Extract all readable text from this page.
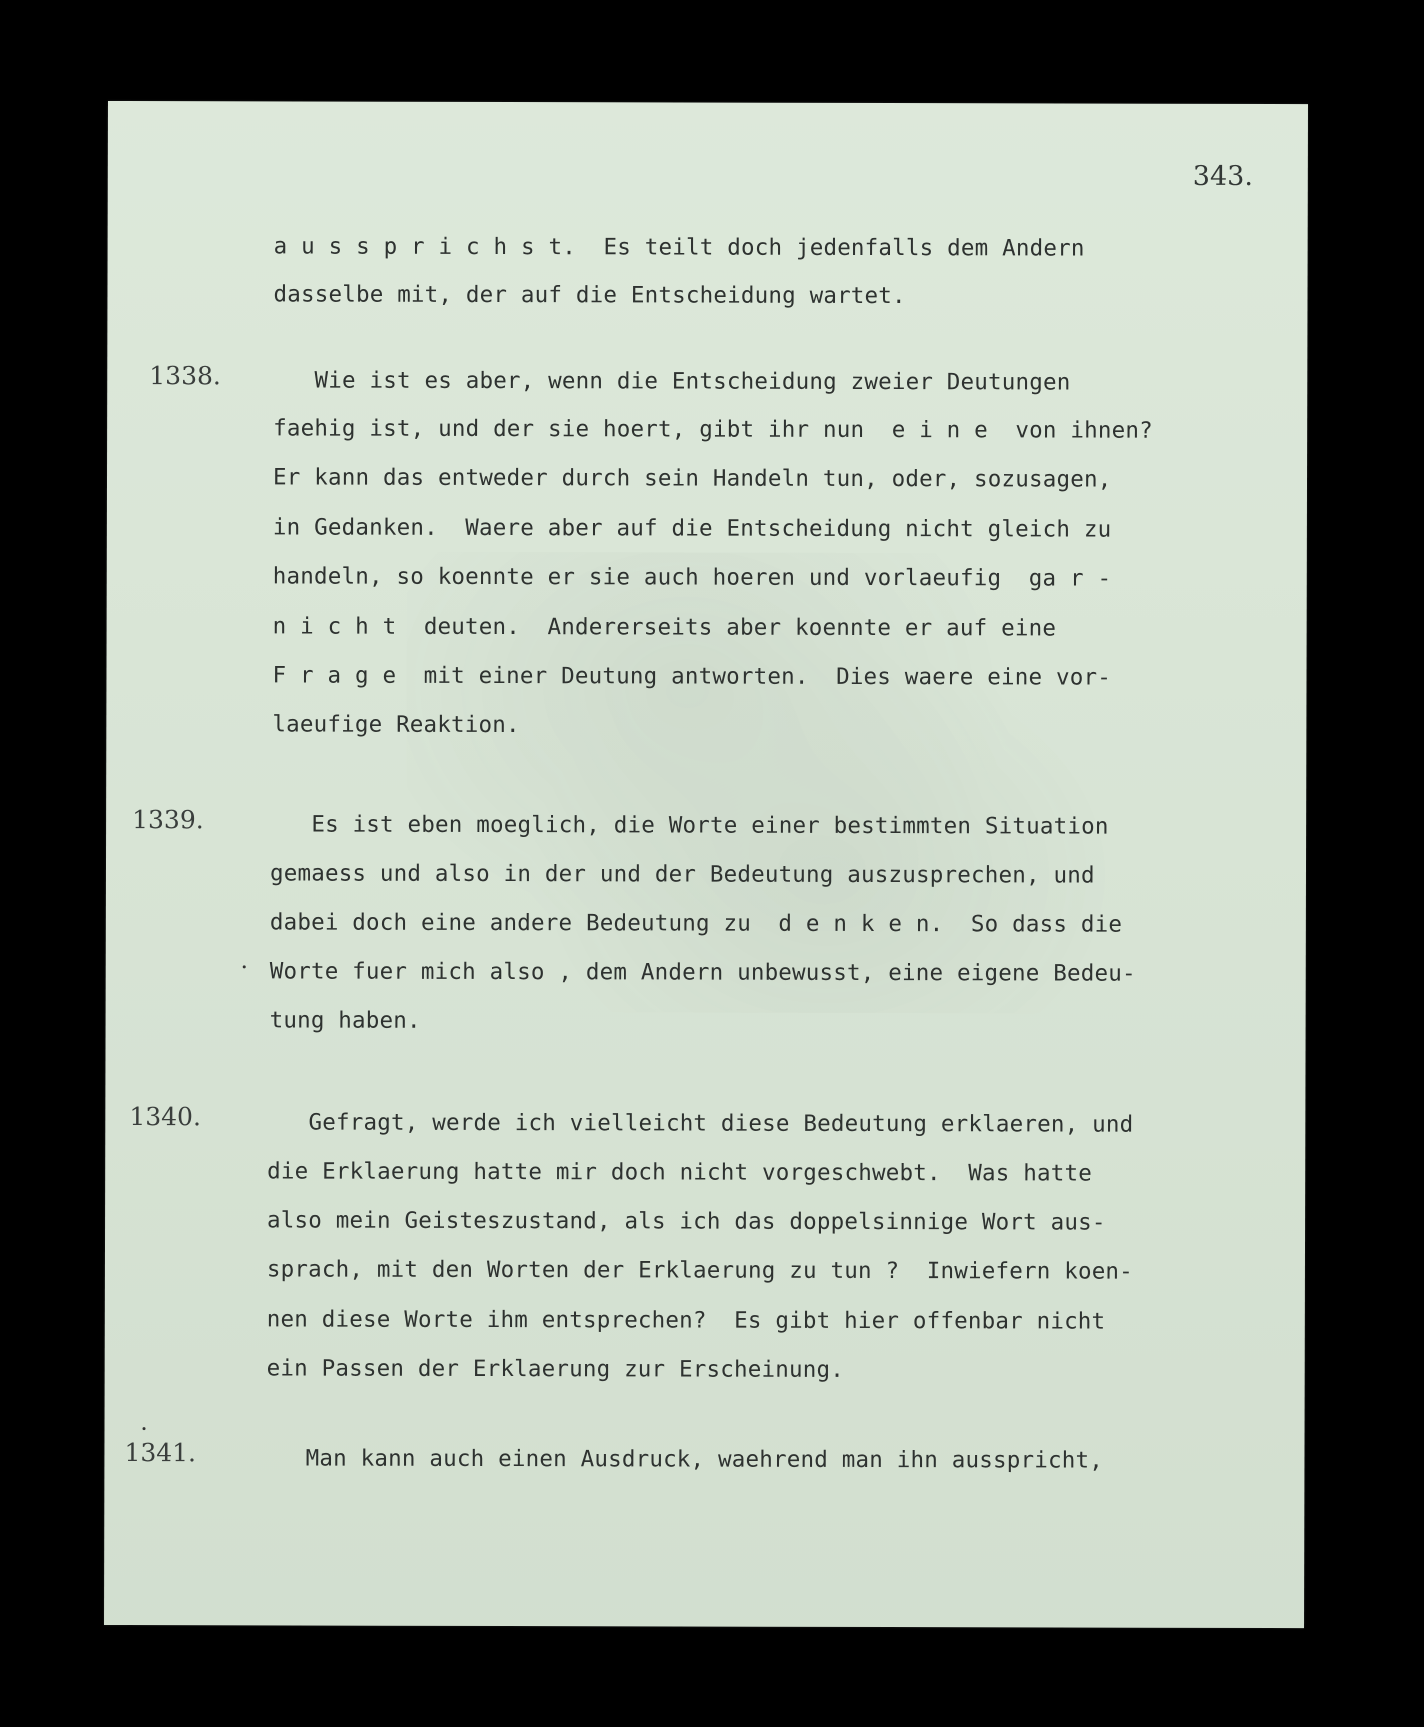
343.
a u s s p r i c h s t.  Es teilt doch jedenfalls dem Andern
dasselbe mit, der auf die Entscheidung wartet.
1338. Wie ist es aber, wenn die Entscheidung zweier Deutungen
faehig ist, und der sie hoert, gibt ihr nun  e i n e  von ihnen?
Er kann das entweder durch sein Handeln tun, oder, sozusagen,
in Gedanken.  Waere aber auf die Entscheidung nicht gleich zu
handeln, so koennte er sie auch hoeren und vorlaeufig  ga r -
n i c h t  deuten.  Andererseits aber koennte er auf eine
F r a g e  mit einer Deutung antworten.  Dies waere eine vor-
laeufige Reaktion.
1339.	Es ist eben moeglich, die Worte einer bestimmten Situation
gemaess und also in der und der Bedeutung auszusprechen, und
dabei doch eine andere Bedeutung zu  d e n k e n.  So dass die
Worte fuer mich also , dem Andern unbewusst, eine eigene Bedeu-
tung haben.
1340.	Gefragt, werde ich vielleicht diese Bedeutung erklaeren, und
die Erklaerung hatte mir doch nicht vorgeschwebt.  Was hatte
also mein Geisteszustand, als ich das doppelsinnige Wort aus-
sprach, mit den Worten der Erklaerung zu tun ?  Inwiefern koen-
nen diese Worte ihm entsprechen?  Es gibt hier offenbar nicht
ein Passen der Erklaerung zur Erscheinung.
1341.	Man kann auch einen Ausdruck, waehrend man ihn ausspricht,
